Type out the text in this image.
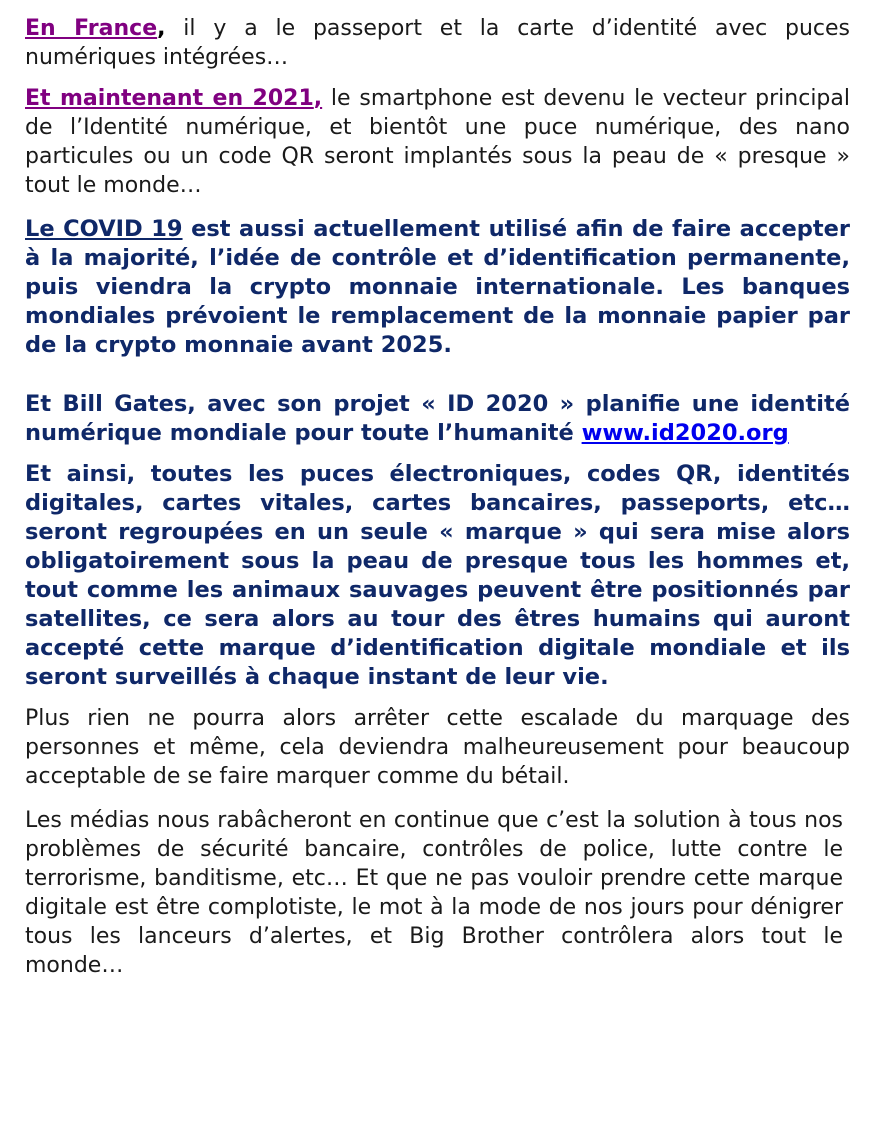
En France, il y a le passeport et la carte d’identité avec puces numériques intégrées…

Et maintenant en 2021, le smartphone est devenu le vecteur principal de l’Identité numérique, et bientôt une puce numérique, des nano particules ou un code QR seront implantés sous la peau de « presque » tout le monde…

Le COVID 19 est aussi actuellement utilisé afin de faire accepter à la majorité, l’idée de contrôle et d’identification permanente, puis viendra la crypto monnaie internationale. Les banques mondiales prévoient le remplacement de la monnaie papier par de la crypto monnaie avant 2025.

Et Bill Gates, avec son projet « ID 2020 » planifie une identité numérique mondiale pour toute l’humanité www.id2020.org

Et ainsi, toutes les puces électroniques, codes QR, identités digitales, cartes vitales, cartes bancaires, passeports, etc… seront regroupées en un seule « marque » qui sera mise alors obligatoirement sous la peau de presque tous les hommes et, tout comme les animaux sauvages peuvent être positionnés par satellites, ce sera alors au tour des êtres humains qui auront accepté cette marque d’identification digitale mondiale et ils seront surveillés à chaque instant de leur vie.

Plus rien ne pourra alors arrêter cette escalade du marquage des personnes et même, cela deviendra malheureusement pour beaucoup acceptable de se faire marquer comme du bétail.

Les médias nous rabâcheront en continue que c’est la solution à tous nos problèmes de sécurité bancaire, contrôles de police, lutte contre le terrorisme, banditisme, etc… Et que ne pas vouloir prendre cette marque digitale est être complotiste, le mot à la mode de nos jours pour dénigrer tous les lanceurs d’alertes, et Big Brother contrôlera alors tout le monde…
